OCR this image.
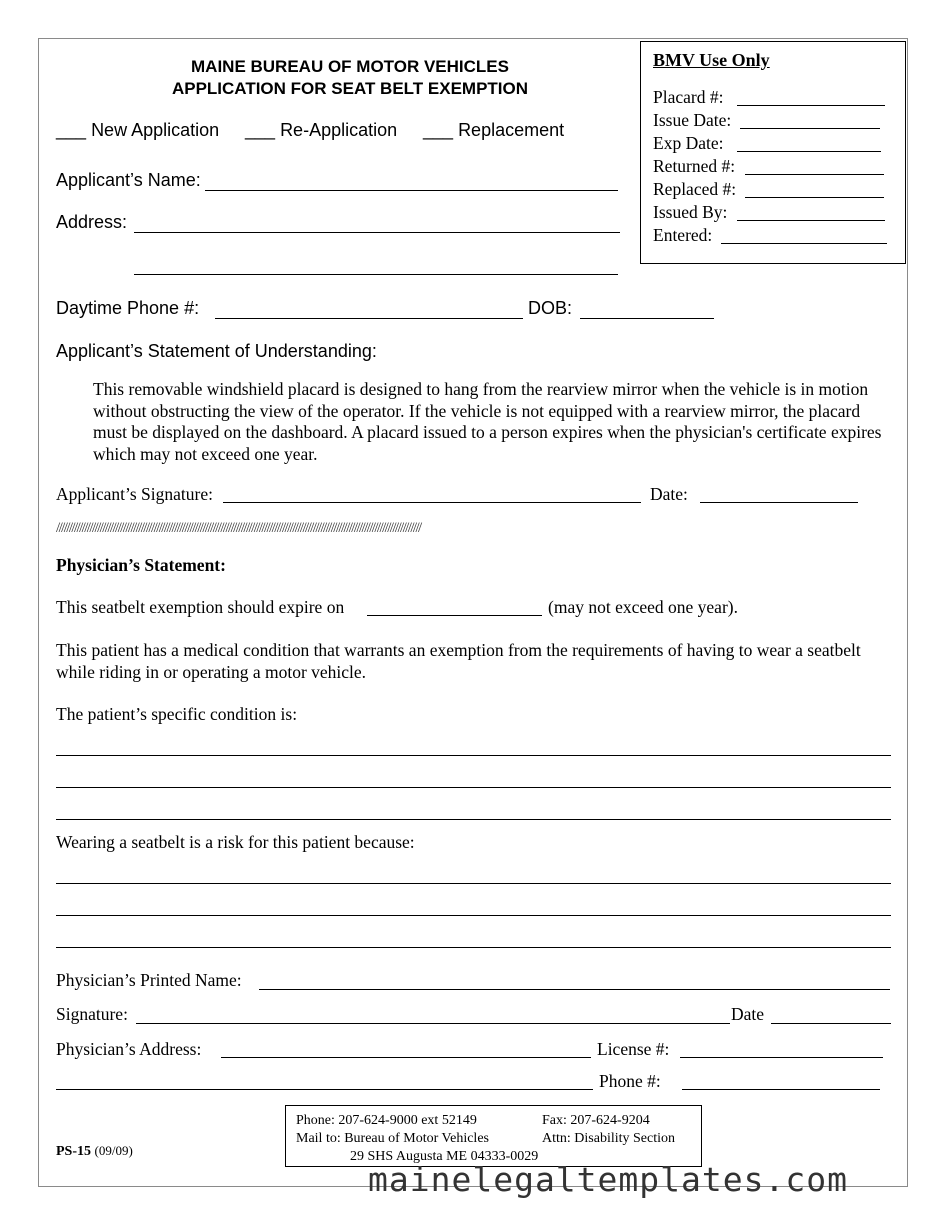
MAINE BUREAU OF MOTOR VEHICLES
APPLICATION FOR SEAT BELT EXEMPTION
___ New Application ___ Re-Application ___ Replacement
Applicant’s Name:
Address:
Daytime Phone #:	DOB:
Applicant’s Statement of Understanding:
This removable windshield placard is designed to hang from the rearview mirror when the vehicle is in motion without obstructing the view of the operator. If the vehicle is not equipped with a rearview mirror, the placard must be displayed on the dashboard. A placard issued to a person expires when the physician's certificate expires which may not exceed one year.
Applicant’s Signature:	Date:
//////////////////////////////////////////////////////////////////////////////////////////////////////////////////////////////////////////////
Physician’s Statement:
This seatbelt exemption should expire on	(may not exceed one year).
This patient has a medical condition that warrants an exemption from the requirements of having to wear a seatbelt while riding in or operating a motor vehicle.
The patient’s specific condition is:
Wearing a seatbelt is a risk for this patient because:
Physician’s Printed Name:
Signature:	Date
Physician’s Address:	License #:
Phone #:
BMV Use Only
Placard #:
Issue Date:
Exp Date:
Returned #:
Replaced #:
Issued By:
Entered:
PS-15 (09/09)
Phone: 207-624-9000 ext 52149	Fax: 207-624-9204
Mail to: Bureau of Motor Vehicles	Attn: Disability Section
29 SHS Augusta ME 04333-0029
mainelegaltemplates.com
